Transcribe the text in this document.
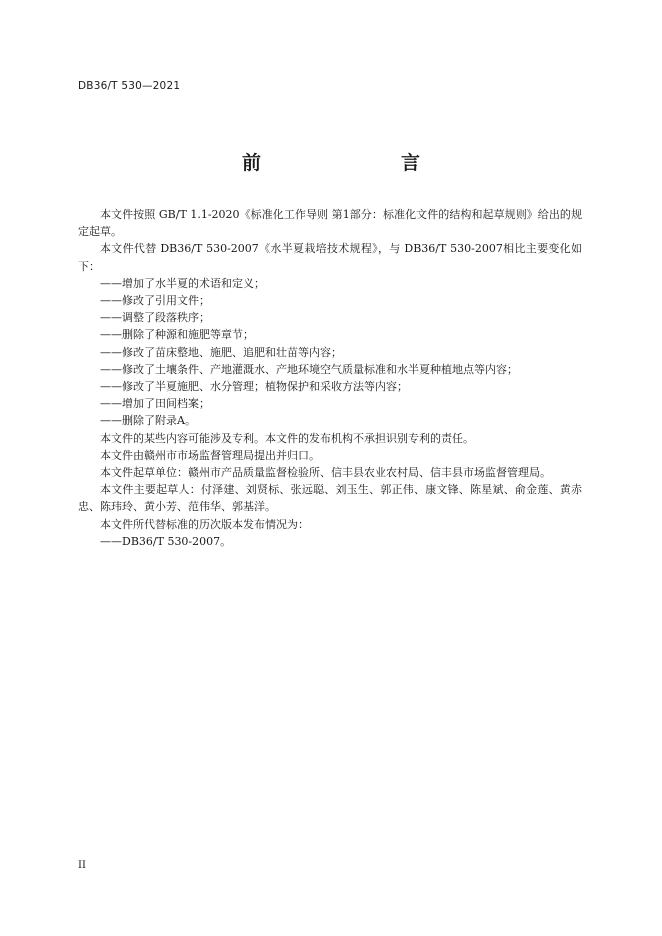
DB36/T 530—2021
前　　言

本文件按照 GB/T 1.1-2020《标准化工作导则 第1部分：标准化文件的结构和起草规则》给出的规定起草。

本文件代替 DB36/T 530-2007《水半夏栽培技术规程》，与 DB36/T 530-2007相比主要变化如下：

——增加了水半夏的术语和定义；

——修改了引用文件；

——调整了段落秩序；

——删除了种源和施肥等章节；

——修改了苗床整地、施肥、追肥和壮苗等内容；

——修改了土壤条件、产地灌溉水、产地环境空气质量标准和水半夏种植地点等内容；

——修改了半夏施肥、水分管理；植物保护和采收方法等内容；

——增加了田间档案；

——删除了附录A。

本文件的某些内容可能涉及专利。本文件的发布机构不承担识别专利的责任。

本文件由赣州市市场监督管理局提出并归口。

本文件起草单位：赣州市产品质量监督检验所、信丰县农业农村局、信丰县市场监督管理局。

本文件主要起草人：付泽建、刘贤标、张远聪、刘玉生、郭正伟、康文锋、陈星斌、俞金莲、黄赤忠、陈玮玲、黄小芳、范伟华、郭基洋。

本文件所代替标准的历次版本发布情况为：

——DB36/T 530-2007。

II
